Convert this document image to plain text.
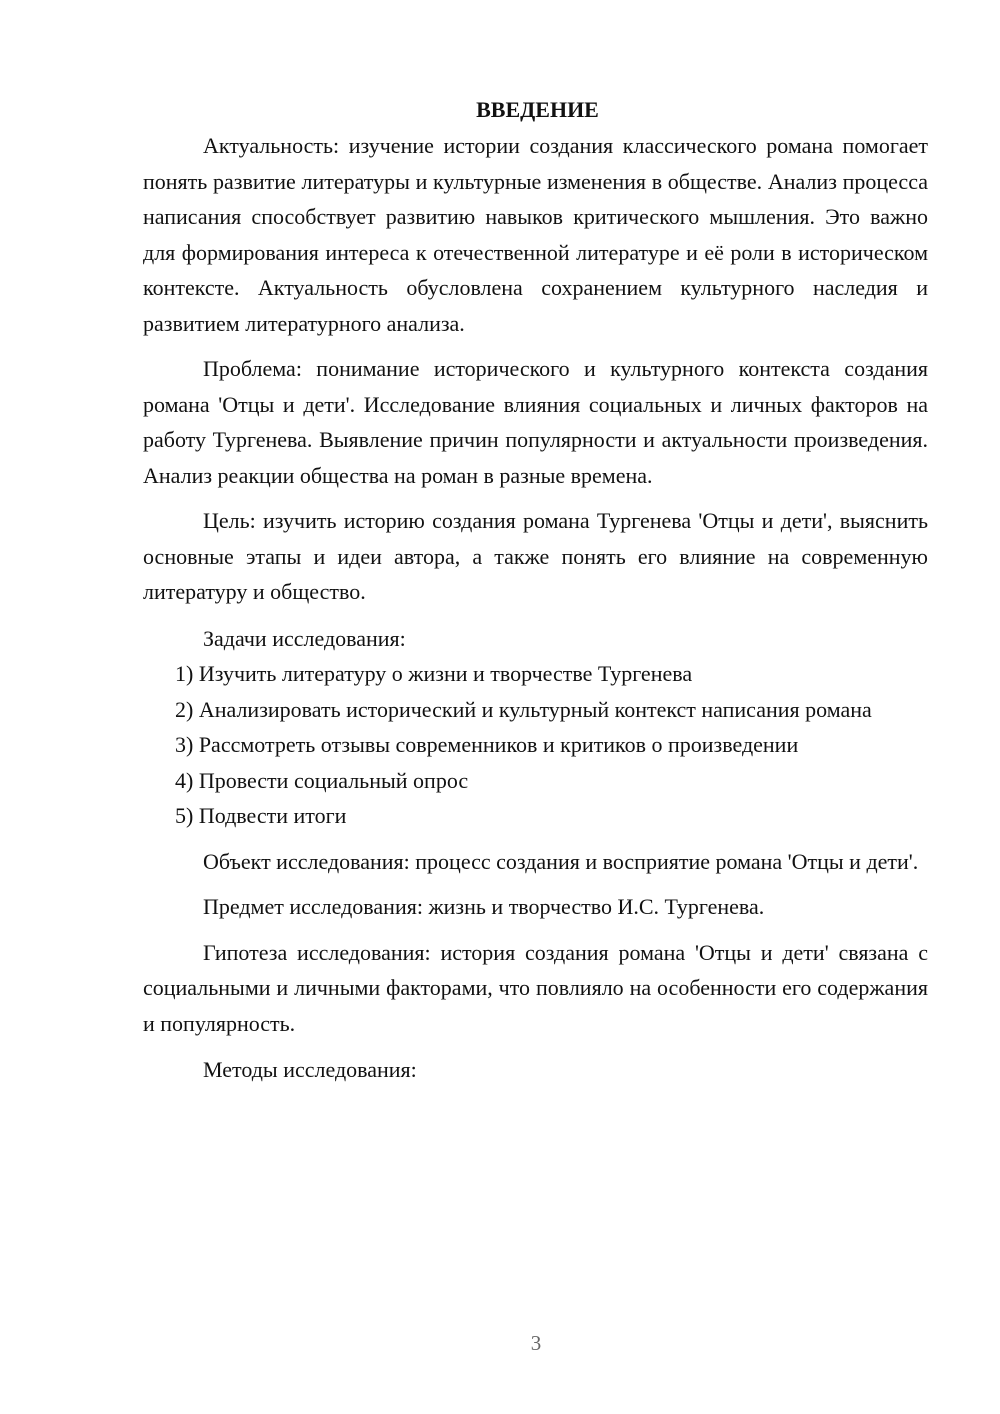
ВВЕДЕНИЕ

Актуальность: изучение истории создания классического романа помогает понять развитие литературы и культурные изменения в обществе. Анализ процесса написания способствует развитию навыков критического мышления. Это важно для формирования интереса к отечественной литературе и её роли в историческом контексте. Актуальность обусловлена сохранением культурного наследия и развитием литературного анализа.

Проблема: понимание исторического и культурного контекста создания романа 'Отцы и дети'. Исследование влияния социальных и личных факторов на работу Тургенева. Выявление причин популярности и актуальности произведения. Анализ реакции общества на роман в разные времена.

Цель: изучить историю создания романа Тургенева 'Отцы и дети', выяснить основные этапы и идеи автора, а также понять его влияние на современную литературу и общество.

Задачи исследования:

1) Изучить литературу о жизни и творчестве Тургенева

2) Анализировать исторический и культурный контекст написания романа

3) Рассмотреть отзывы современников и критиков о произведении

4) Провести социальный опрос

5) Подвести итоги

Объект исследования: процесс создания и восприятие романа 'Отцы и дети'.

Предмет исследования: жизнь и творчество И.С. Тургенева.

Гипотеза исследования: история создания романа 'Отцы и дети' связана с социальными и личными факторами, что повлияло на особенности его содержания и популярность.

Методы исследования:

3
